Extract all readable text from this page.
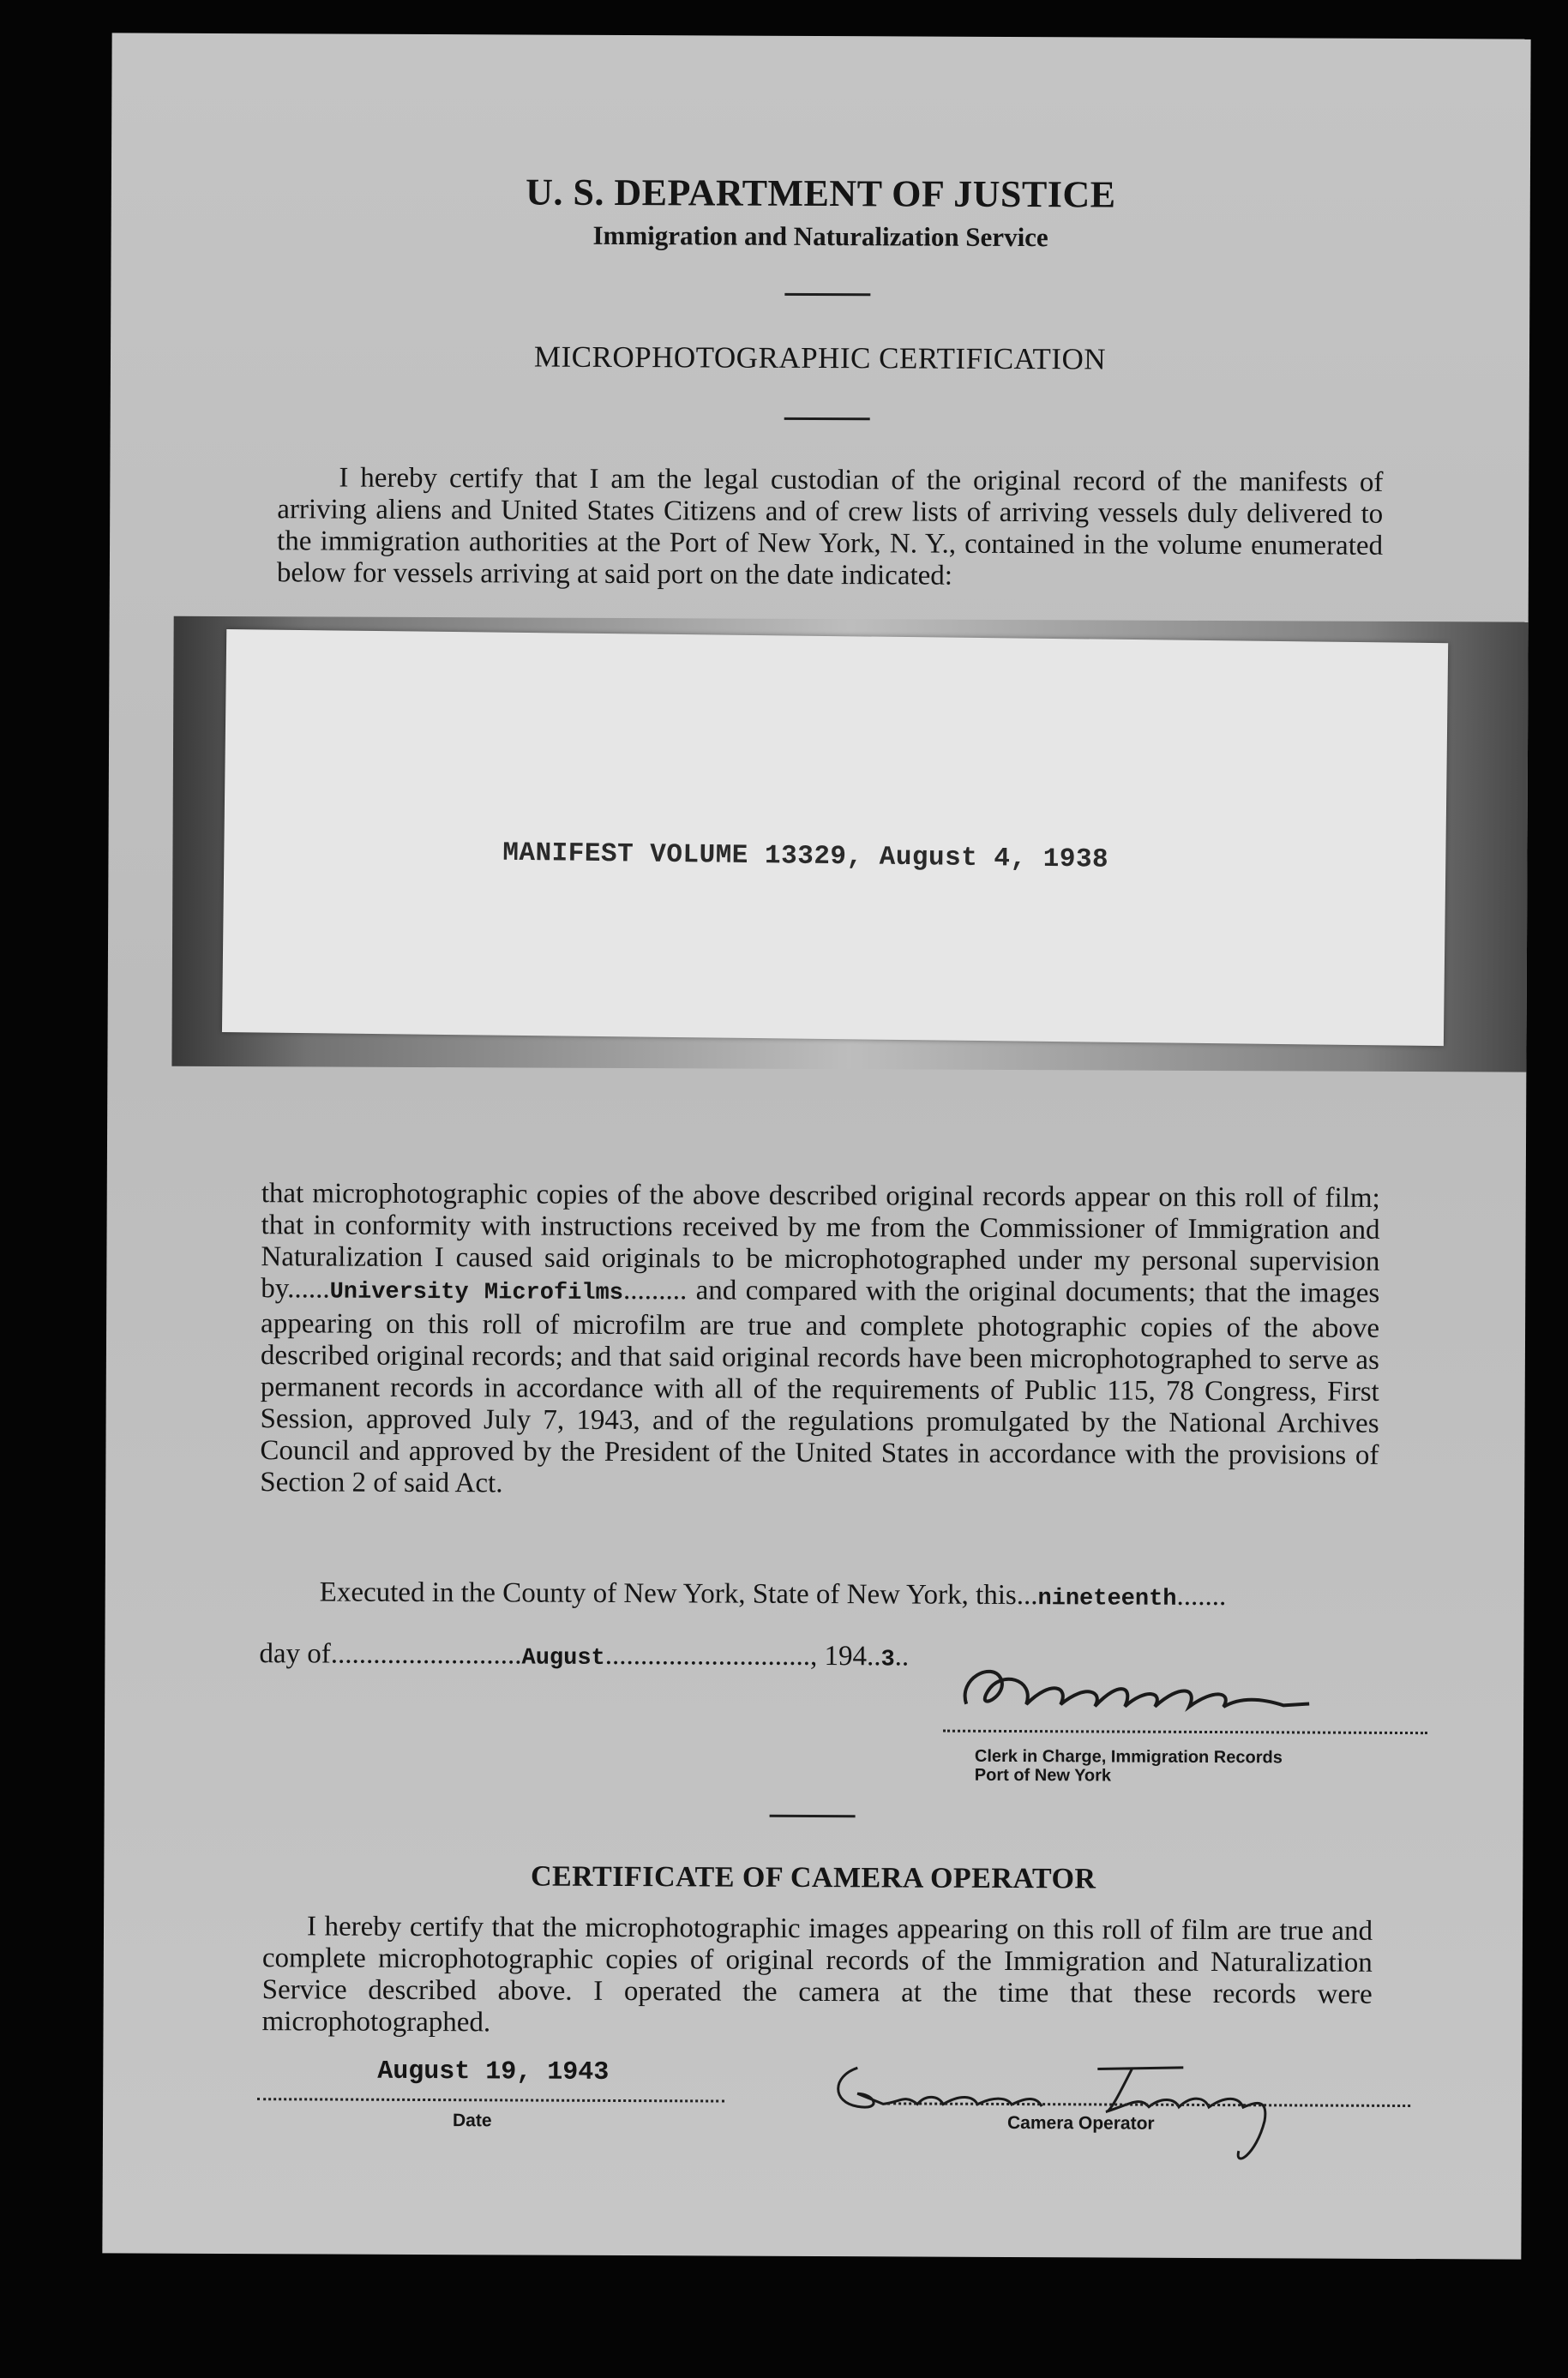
U. S. DEPARTMENT OF JUSTICE
Immigration and Naturalization Service
MICROPHOTOGRAPHIC CERTIFICATION
I hereby certify that I am the legal custodian of the original record of the manifests of arriving aliens and United States Citizens and of crew lists of arriving vessels duly delivered to the immigration authorities at the Port of New York, N. Y., contained in the volume enumerated below for vessels arriving at said port on the date indicated:
MANIFEST VOLUME 13329, August 4, 1938
that microphotographic copies of the above described original records appear on this roll of film; that in conformity with instructions received by me from the Commissioner of Immigration and Naturalization I caused said originals to be microphotographed under my personal supervision by......University Microfilms......... and compared with the original documents; that the images appearing on this roll of microfilm are true and complete photographic copies of the above described original records; and that said original records have been microphotographed to serve as permanent records in accordance with all of the requirements of Public 115, 78 Congress, First Session, approved July 7, 1943, and of the regulations promulgated by the National Archives Council and approved by the President of the United States in accordance with the provisions of Section 2 of said Act.
Executed in the County of New York, State of New York, this...nineteenth.......
day of...........................August............................., 194..3..
Clerk in Charge, Immigration Records
Port of New York
CERTIFICATE OF CAMERA OPERATOR
I hereby certify that the microphotographic images appearing on this roll of film are true and complete microphotographic copies of original records of the Immigration and Naturalization Service described above. I operated the camera at the time that these records were microphotographed.
August 19, 1943
Date	Camera Operator
